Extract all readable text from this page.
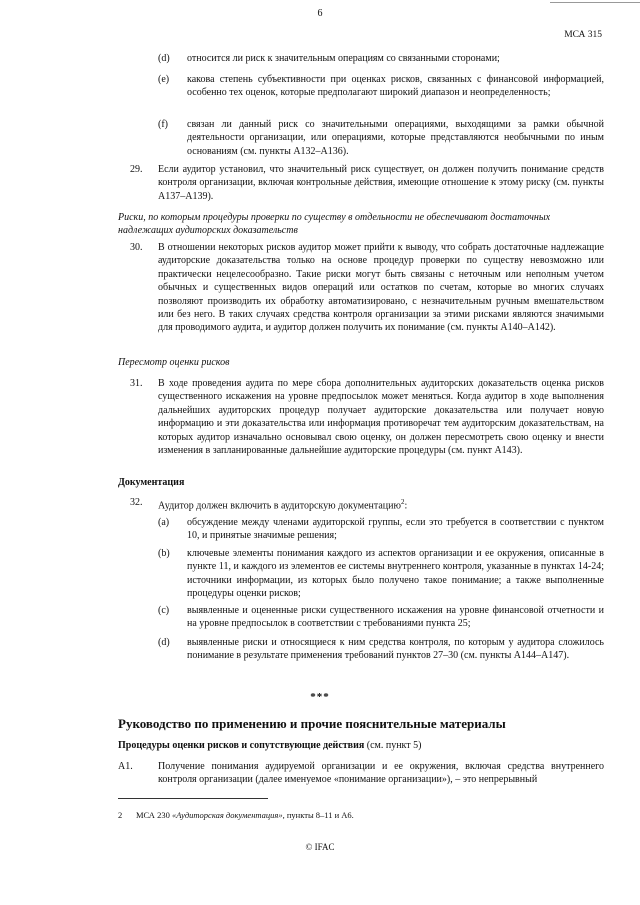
6
МСА 315
(d) относится ли риск к значительным операциям со связанными сторонами;
(e) какова степень субъективности при оценках рисков, связанных с финансовой информацией, особенно тех оценок, которые предполагают широкий диапазон и неопределенность;
(f) связан ли данный риск со значительными операциями, выходящими за рамки обычной деятельности организации, или операциями, которые представляются необычными по иным основаниям (см. пункты А132–А136).
29. Если аудитор установил, что значительный риск существует, он должен получить понимание средств контроля организации, включая контрольные действия, имеющие отношение к этому риску (см. пункты А137–А139).
Риски, по которым процедуры проверки по существу в отдельности не обеспечивают достаточных надлежащих аудиторских доказательств
30. В отношении некоторых рисков аудитор может прийти к выводу, что собрать достаточные надлежащие аудиторские доказательства только на основе процедур проверки по существу невозможно или практически нецелесообразно. Такие риски могут быть связаны с неточным или неполным учетом обычных и существенных видов операций или остатков по счетам, которые во многих случаях позволяют производить их обработку автоматизировано, с незначительным ручным вмешательством или без него. В таких случаях средства контроля организации за этими рисками являются значимыми для проводимого аудита, и аудитор должен получить их понимание (см. пункты А140–А142).
Пересмотр оценки рисков
31. В ходе проведения аудита по мере сбора дополнительных аудиторских доказательств оценка рисков существенного искажения на уровне предпосылок может меняться. Когда аудитор в ходе выполнения дальнейших аудиторских процедур получает аудиторские доказательства или получает новую информацию и эти доказательства или информация противоречат тем аудиторским доказательствам, на которых аудитор изначально основывал свою оценку, он должен пересмотреть свою оценку и внести изменения в запланированные дальнейшие аудиторские процедуры (см. пункт А143).
Документация
32. Аудитор должен включить в аудиторскую документацию$^2$:
(a) обсуждение между членами аудиторской группы, если это требуется в соответствии с пунктом 10, и принятые значимые решения;
(b) ключевые элементы понимания каждого из аспектов организации и ее окружения, описанные в пункте 11, и каждого из элементов ее системы внутреннего контроля, указанные в пунктах 14-24; источники информации, из которых было получено такое понимание; а также выполненные процедуры оценки рисков;
(c) выявленные и оцененные риски существенного искажения на уровне финансовой отчетности и на уровне предпосылок в соответствии с требованиями пункта 25;
(d) выявленные риски и относящиеся к ним средства контроля, по которым у аудитора сложилось понимание в результате применения требований пунктов 27–30 (см. пункты А144–А147).
***
Руководство по применению и прочие пояснительные материалы
Процедуры оценки рисков и сопутствующие действия (см. пункт 5)
A1.	Получение понимания аудируемой организации и ее окружения, включая средства внутреннего контроля организации (далее именуемое «понимание организации»), – это непрерывный
2 МСА 230 «Аудиторская документация», пункты 8–11 и А6.
© IFAC
